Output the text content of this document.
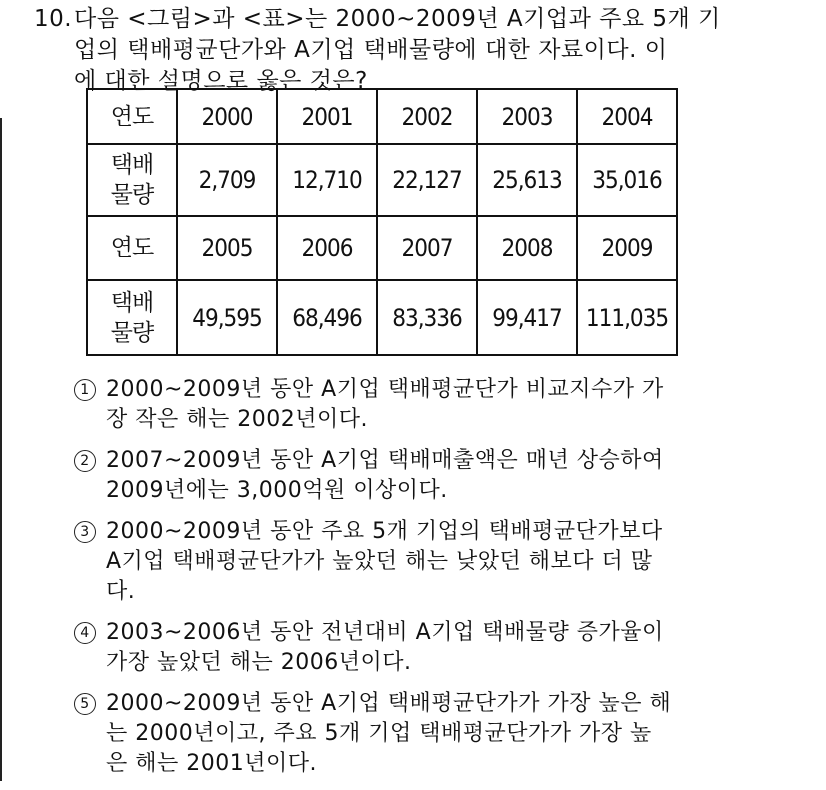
10.다음 <그림>과 <표>는 2000~2009년 A기업과 주요 5개 기
업의 택배평균단가와 A기업 택배물량에 대한 자료이다. 이
에 대한 설명으로 옳은 것은?
연도	2000	2001	2002	2003	2004
택배
물량	2,709	12,710	22,127	25,613	35,016
연도	2005	2006	2007	2008	2009
택배
물량	49,595	68,496	83,336	99,417	111,035
1 2000~2009년 동안 A기업 택배평균단가 비교지수가 가
장 작은 해는 2002년이다.
2 2007~2009년 동안 A기업 택배매출액은 매년 상승하여
2009년에는 3,000억원 이상이다.
3 2000~2009년 동안 주요 5개 기업의 택배평균단가보다
A기업 택배평균단가가 높았던 해는 낮았던 해보다 더 많
다.
4 2003~2006년 동안 전년대비 A기업 택배물량 증가율이
가장 높았던 해는 2006년이다.
5 2000~2009년 동안 A기업 택배평균단가가 가장 높은 해
는 2000년이고, 주요 5개 기업 택배평균단가가 가장 높
은 해는 2001년이다.
